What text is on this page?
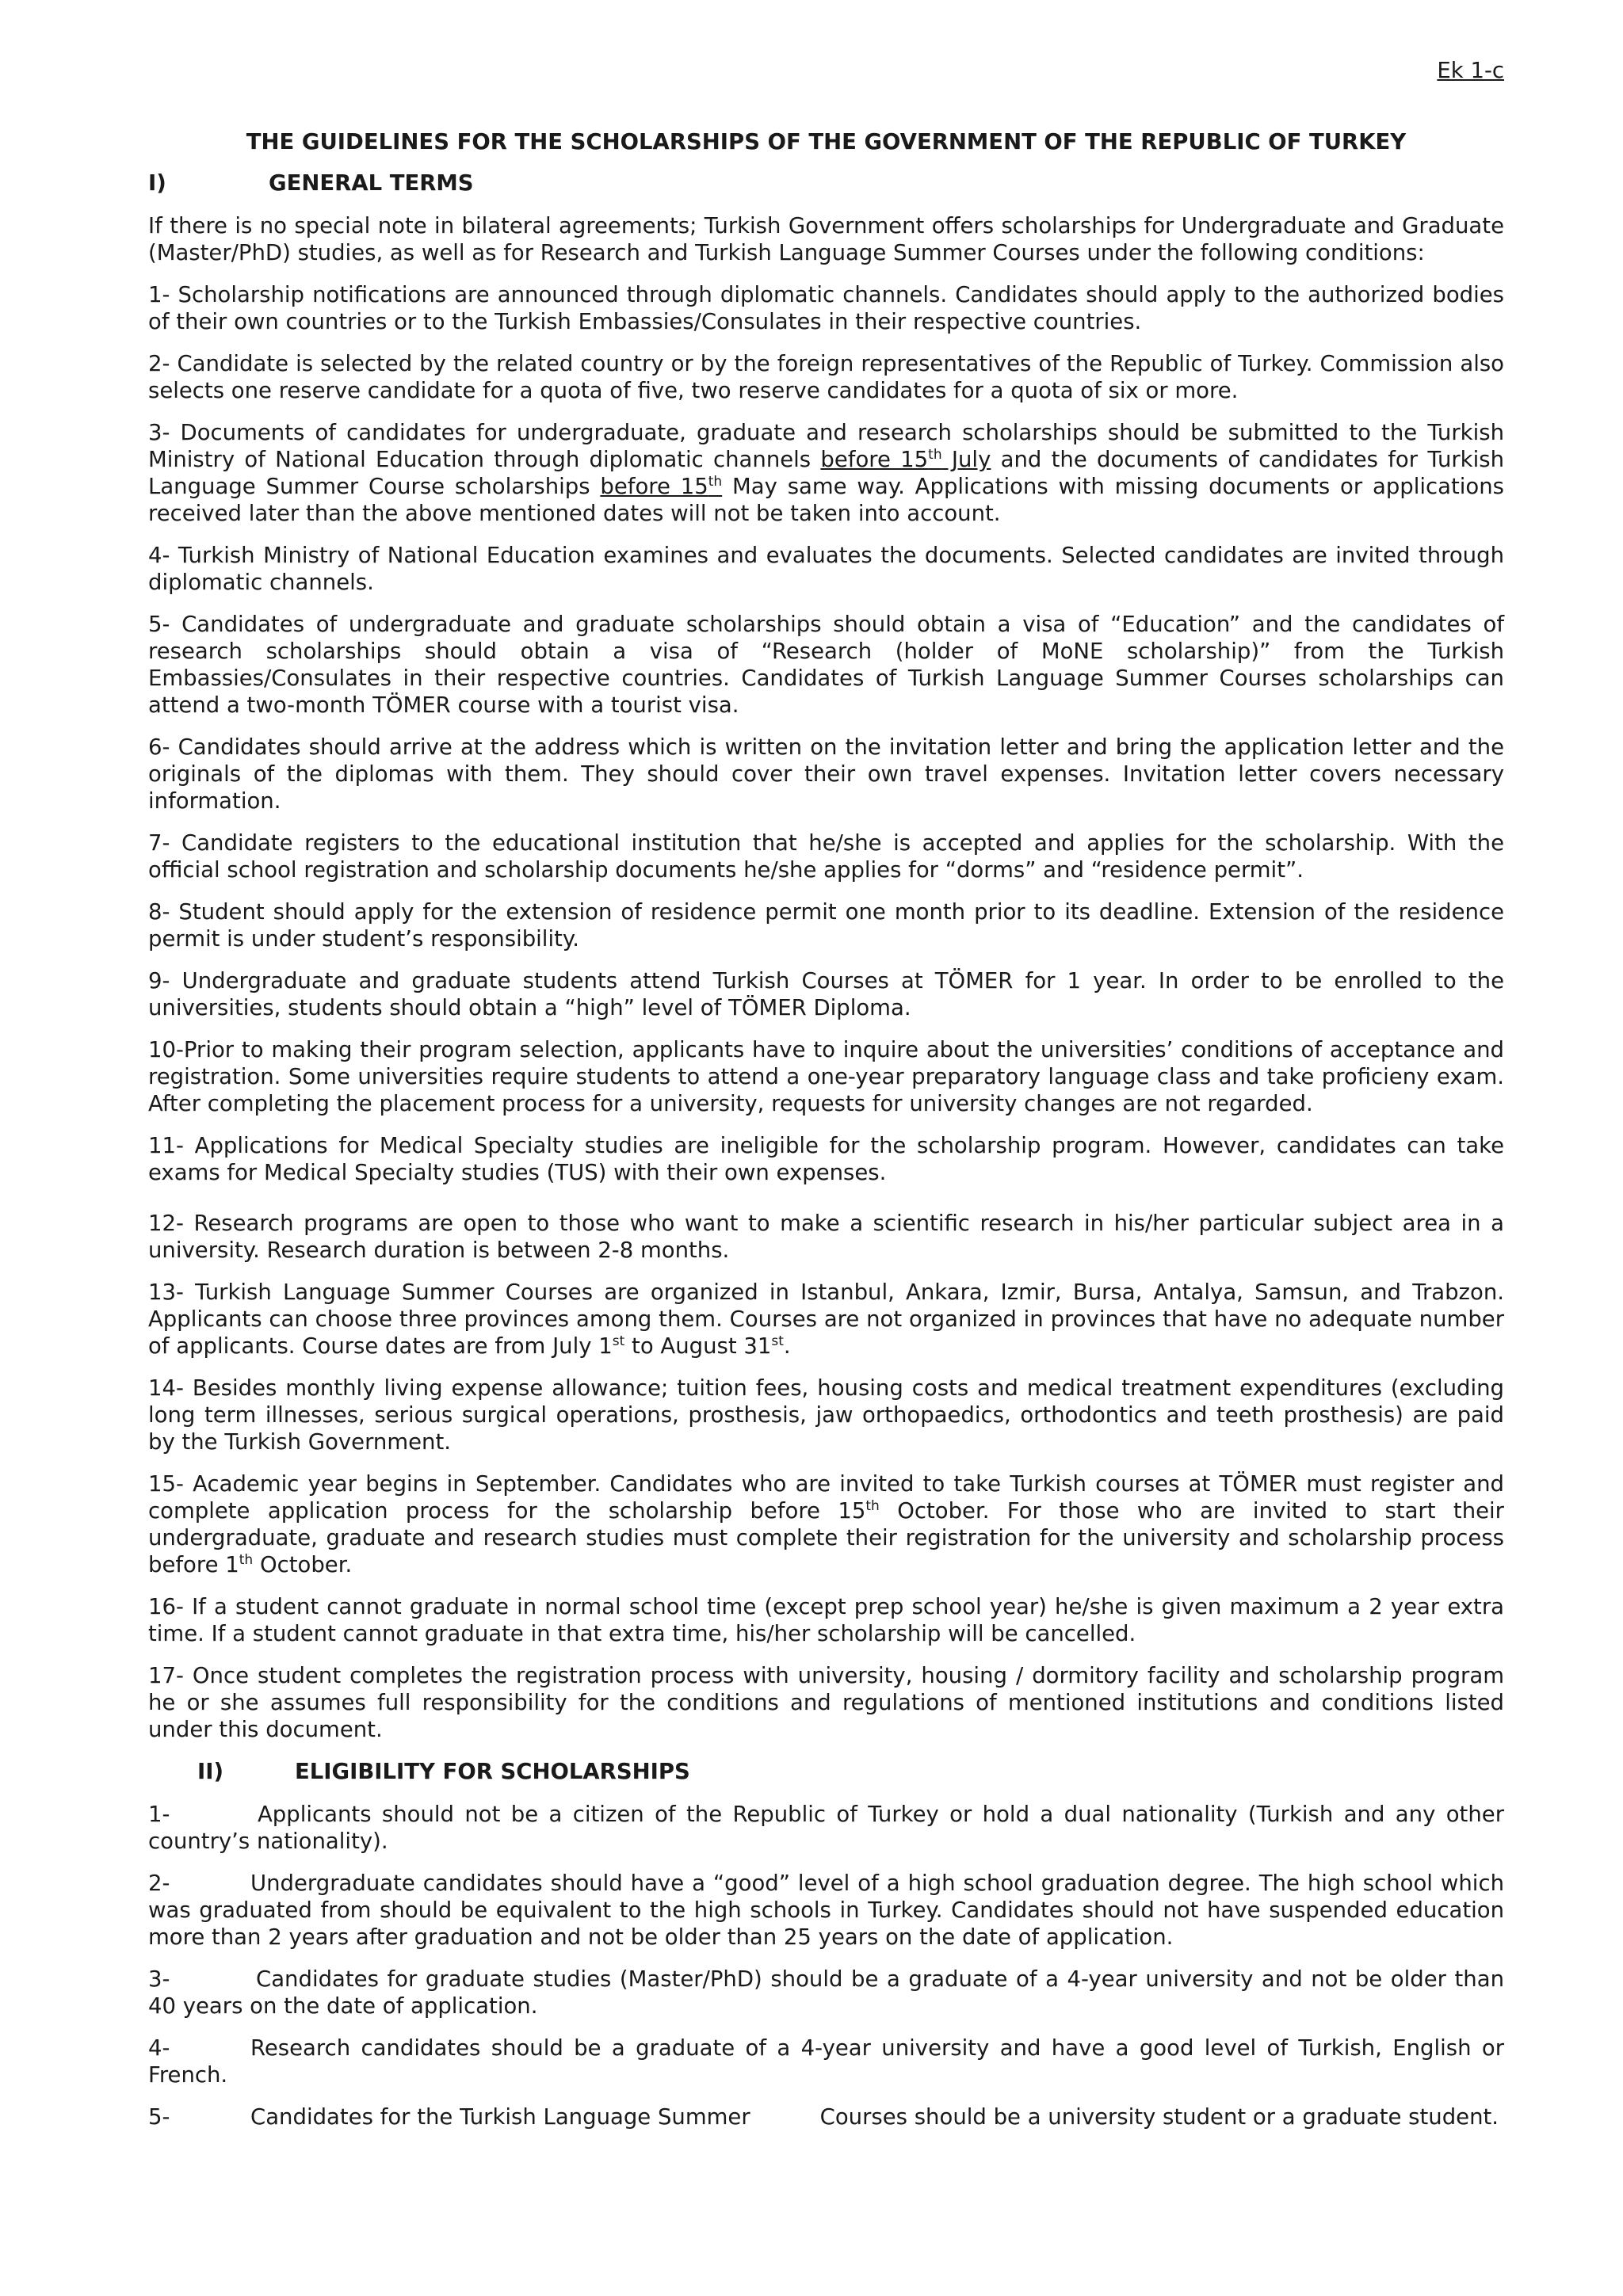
Ek 1-c
THE GUIDELINES FOR THE SCHOLARSHIPS OF THE GOVERNMENT OF THE REPUBLIC OF TURKEY
I)	GENERAL TERMS

If there is no special note in bilateral agreements; Turkish Government offers scholarships for Undergraduate and Graduate (Master/PhD) studies, as well as for Research and Turkish Language Summer Courses under the following conditions:

1- Scholarship notifications are announced through diplomatic channels. Candidates should apply to the authorized bodies of their own countries or to the Turkish Embassies/Consulates in their respective countries.

2- Candidate is selected by the related country or by the foreign representatives of the Republic of Turkey. Commission also selects one reserve candidate for a quota of five, two reserve candidates for a quota of six or more.

3- Documents of candidates for undergraduate, graduate and research scholarships should be submitted to the Turkish Ministry of National Education through diplomatic channels before 15th July and the documents of candidates for Turkish Language Summer Course scholarships before 15th May same way. Applications with missing documents or applications received later than the above mentioned dates will not be taken into account.

4- Turkish Ministry of National Education examines and evaluates the documents. Selected candidates are invited through diplomatic channels.

5- Candidates of undergraduate and graduate scholarships should obtain a visa of “Education” and the candidates of research scholarships should obtain a visa of “Research (holder of MoNE scholarship)” from the Turkish Embassies/Consulates in their respective countries. Candidates of Turkish Language Summer Courses scholarships can attend a two-month TÖMER course with a tourist visa.

6- Candidates should arrive at the address which is written on the invitation letter and bring the application letter and the originals of the diplomas with them. They should cover their own travel expenses. Invitation letter covers necessary information.

7- Candidate registers to the educational institution that he/she is accepted and applies for the scholarship. With the official school registration and scholarship documents he/she applies for “dorms” and “residence permit”.

8- Student should apply for the extension of residence permit one month prior to its deadline. Extension of the residence permit is under student’s responsibility.

9- Undergraduate and graduate students attend Turkish Courses at TÖMER for 1 year. In order to be enrolled to the universities, students should obtain a “high” level of TÖMER Diploma.

10-Prior to making their program selection, applicants have to inquire about the universities’ conditions of acceptance and registration. Some universities require students to attend a one-year preparatory language class and take proficieny exam. After completing the placement process for a university, requests for university changes are not regarded.

11- Applications for Medical Specialty studies are ineligible for the scholarship program. However, candidates can take exams for Medical Specialty studies (TUS) with their own expenses.

12- Research programs are open to those who want to make a scientific research in his/her particular subject area in a university. Research duration is between 2-8 months.

13- Turkish Language Summer Courses are organized in Istanbul, Ankara, Izmir, Bursa, Antalya, Samsun, and Trabzon. Applicants can choose three provinces among them. Courses are not organized in provinces that have no adequate number of applicants. Course dates are from July 1st to August 31st.

14- Besides monthly living expense allowance; tuition fees, housing costs and medical treatment expenditures (excluding long term illnesses, serious surgical operations, prosthesis, jaw orthopaedics, orthodontics and teeth prosthesis) are paid by the Turkish Government.

15- Academic year begins in September. Candidates who are invited to take Turkish courses at TÖMER must register and complete application process for the scholarship before 15th October. For those who are invited to start their undergraduate, graduate and research studies must complete their registration for the university and scholarship process before 1th October.

16- If a student cannot graduate in normal school time (except prep school year) he/she is given maximum a 2 year extra time. If a student cannot graduate in that extra time, his/her scholarship will be cancelled.

17- Once student completes the registration process with university, housing / dormitory facility and scholarship program he or she assumes full responsibility for the conditions and regulations of mentioned institutions and conditions listed under this document.

II)	ELIGIBILITY FOR SCHOLARSHIPS

1-	Applicants should not be a citizen of the Republic of Turkey or hold a dual nationality (Turkish and any other country’s nationality).

2-	Undergraduate candidates should have a “good” level of a high school graduation degree. The high school which was graduated from should be equivalent to the high schools in Turkey. Candidates should not have suspended education more than 2 years after graduation and not be older than 25 years on the date of application.

3-	Candidates for graduate studies (Master/PhD) should be a graduate of a 4-year university and not be older than 40 years on the date of application.

4-	Research candidates should be a graduate of a 4-year university and have a good level of Turkish, English or French.

5-	Candidates for the Turkish Language Summer	Courses should be a university student or a graduate student.
